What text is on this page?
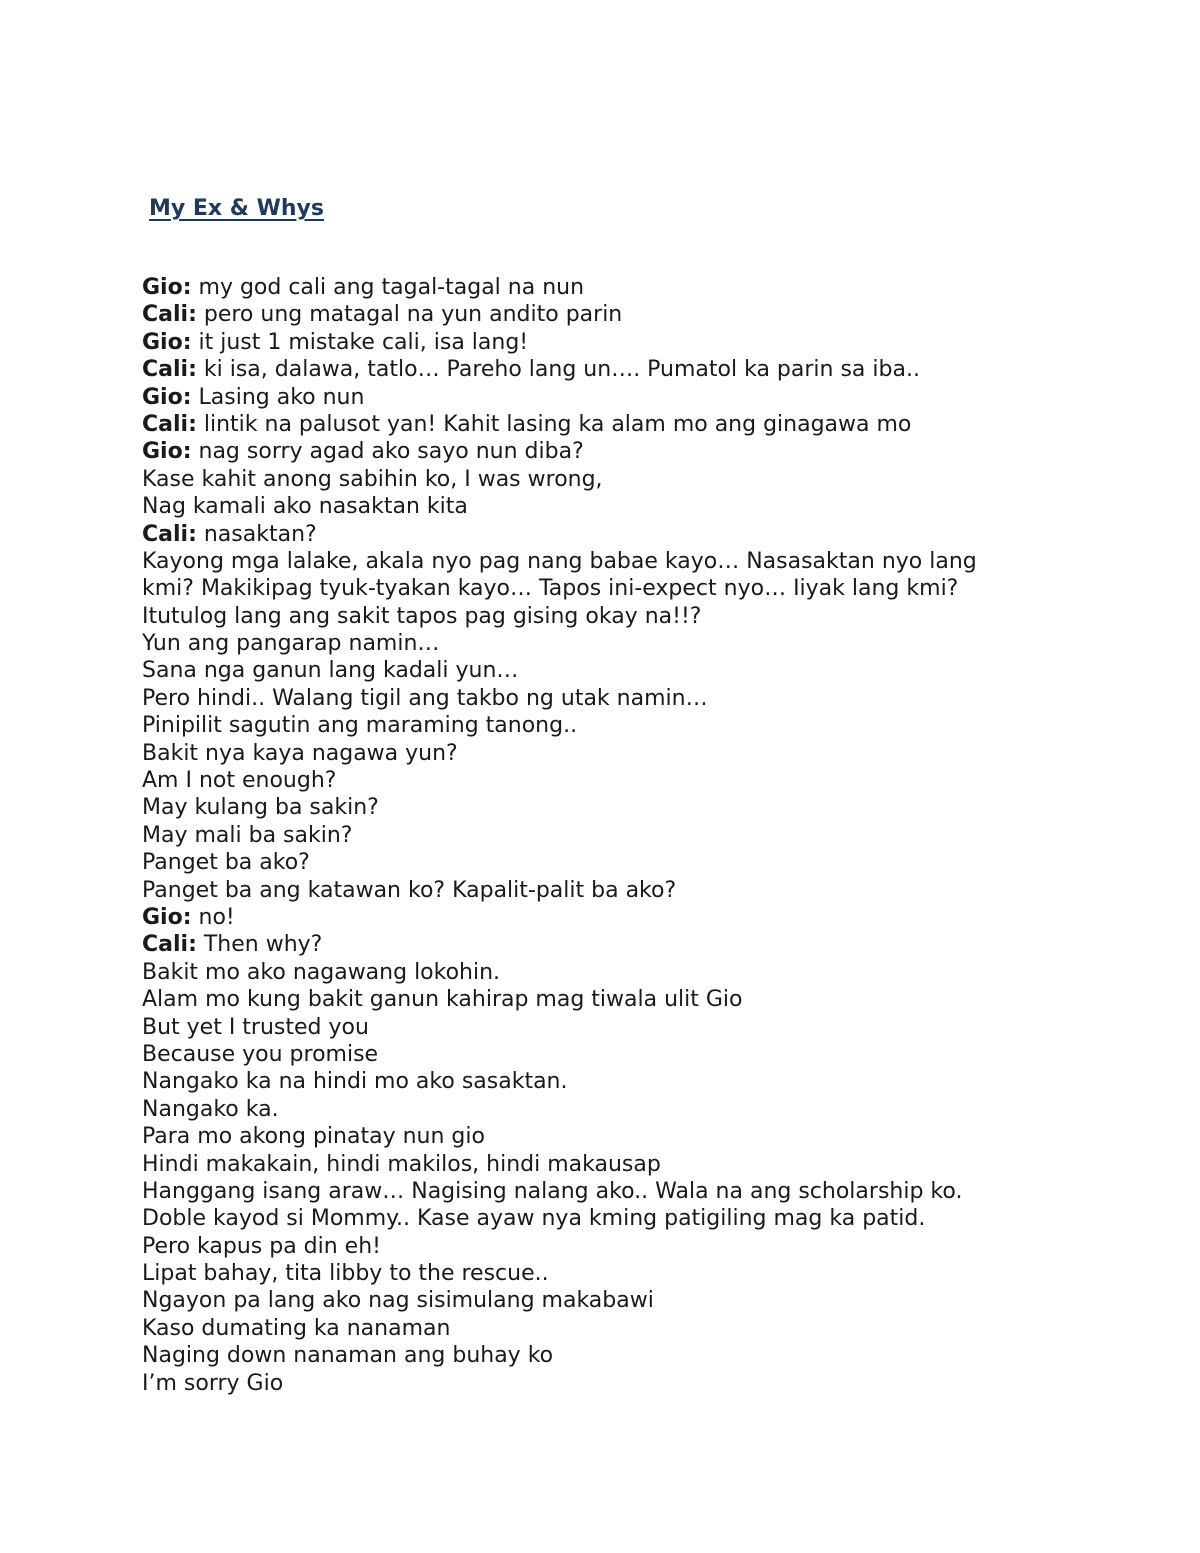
My Ex & Whys
Gio: my god cali ang tagal-tagal na nun
Cali: pero ung matagal na yun andito parin
Gio: it just 1 mistake cali, isa lang!
Cali: ki isa, dalawa, tatlo… Pareho lang un…. Pumatol ka parin sa iba..
Gio: Lasing ako nun
Cali: lintik na palusot yan! Kahit lasing ka alam mo ang ginagawa mo
Gio: nag sorry agad ako sayo nun diba?
Kase kahit anong sabihin ko, I was wrong,
Nag kamali ako nasaktan kita
Cali: nasaktan?
Kayong mga lalake, akala nyo pag nang babae kayo… Nasasaktan nyo lang
kmi? Makikipag tyuk-tyakan kayo… Tapos ini-expect nyo… Iiyak lang kmi?
Itutulog lang ang sakit tapos pag gising okay na!!?
Yun ang pangarap namin…
Sana nga ganun lang kadali yun…
Pero hindi.. Walang tigil ang takbo ng utak namin…
Pinipilit sagutin ang maraming tanong..
Bakit nya kaya nagawa yun?
Am I not enough?
May kulang ba sakin?
May mali ba sakin?
Panget ba ako?
Panget ba ang katawan ko? Kapalit-palit ba ako?
Gio: no!
Cali: Then why?
Bakit mo ako nagawang lokohin.
Alam mo kung bakit ganun kahirap mag tiwala ulit Gio
But yet I trusted you
Because you promise
Nangako ka na hindi mo ako sasaktan.
Nangako ka.
Para mo akong pinatay nun gio
Hindi makakain, hindi makilos, hindi makausap
Hanggang isang araw… Nagising nalang ako.. Wala na ang scholarship ko.
Doble kayod si Mommy.. Kase ayaw nya kming patigiling mag ka patid.
Pero kapus pa din eh!
Lipat bahay, tita libby to the rescue..
Ngayon pa lang ako nag sisimulang makabawi
Kaso dumating ka nanaman
Naging down nanaman ang buhay ko
I’m sorry Gio
